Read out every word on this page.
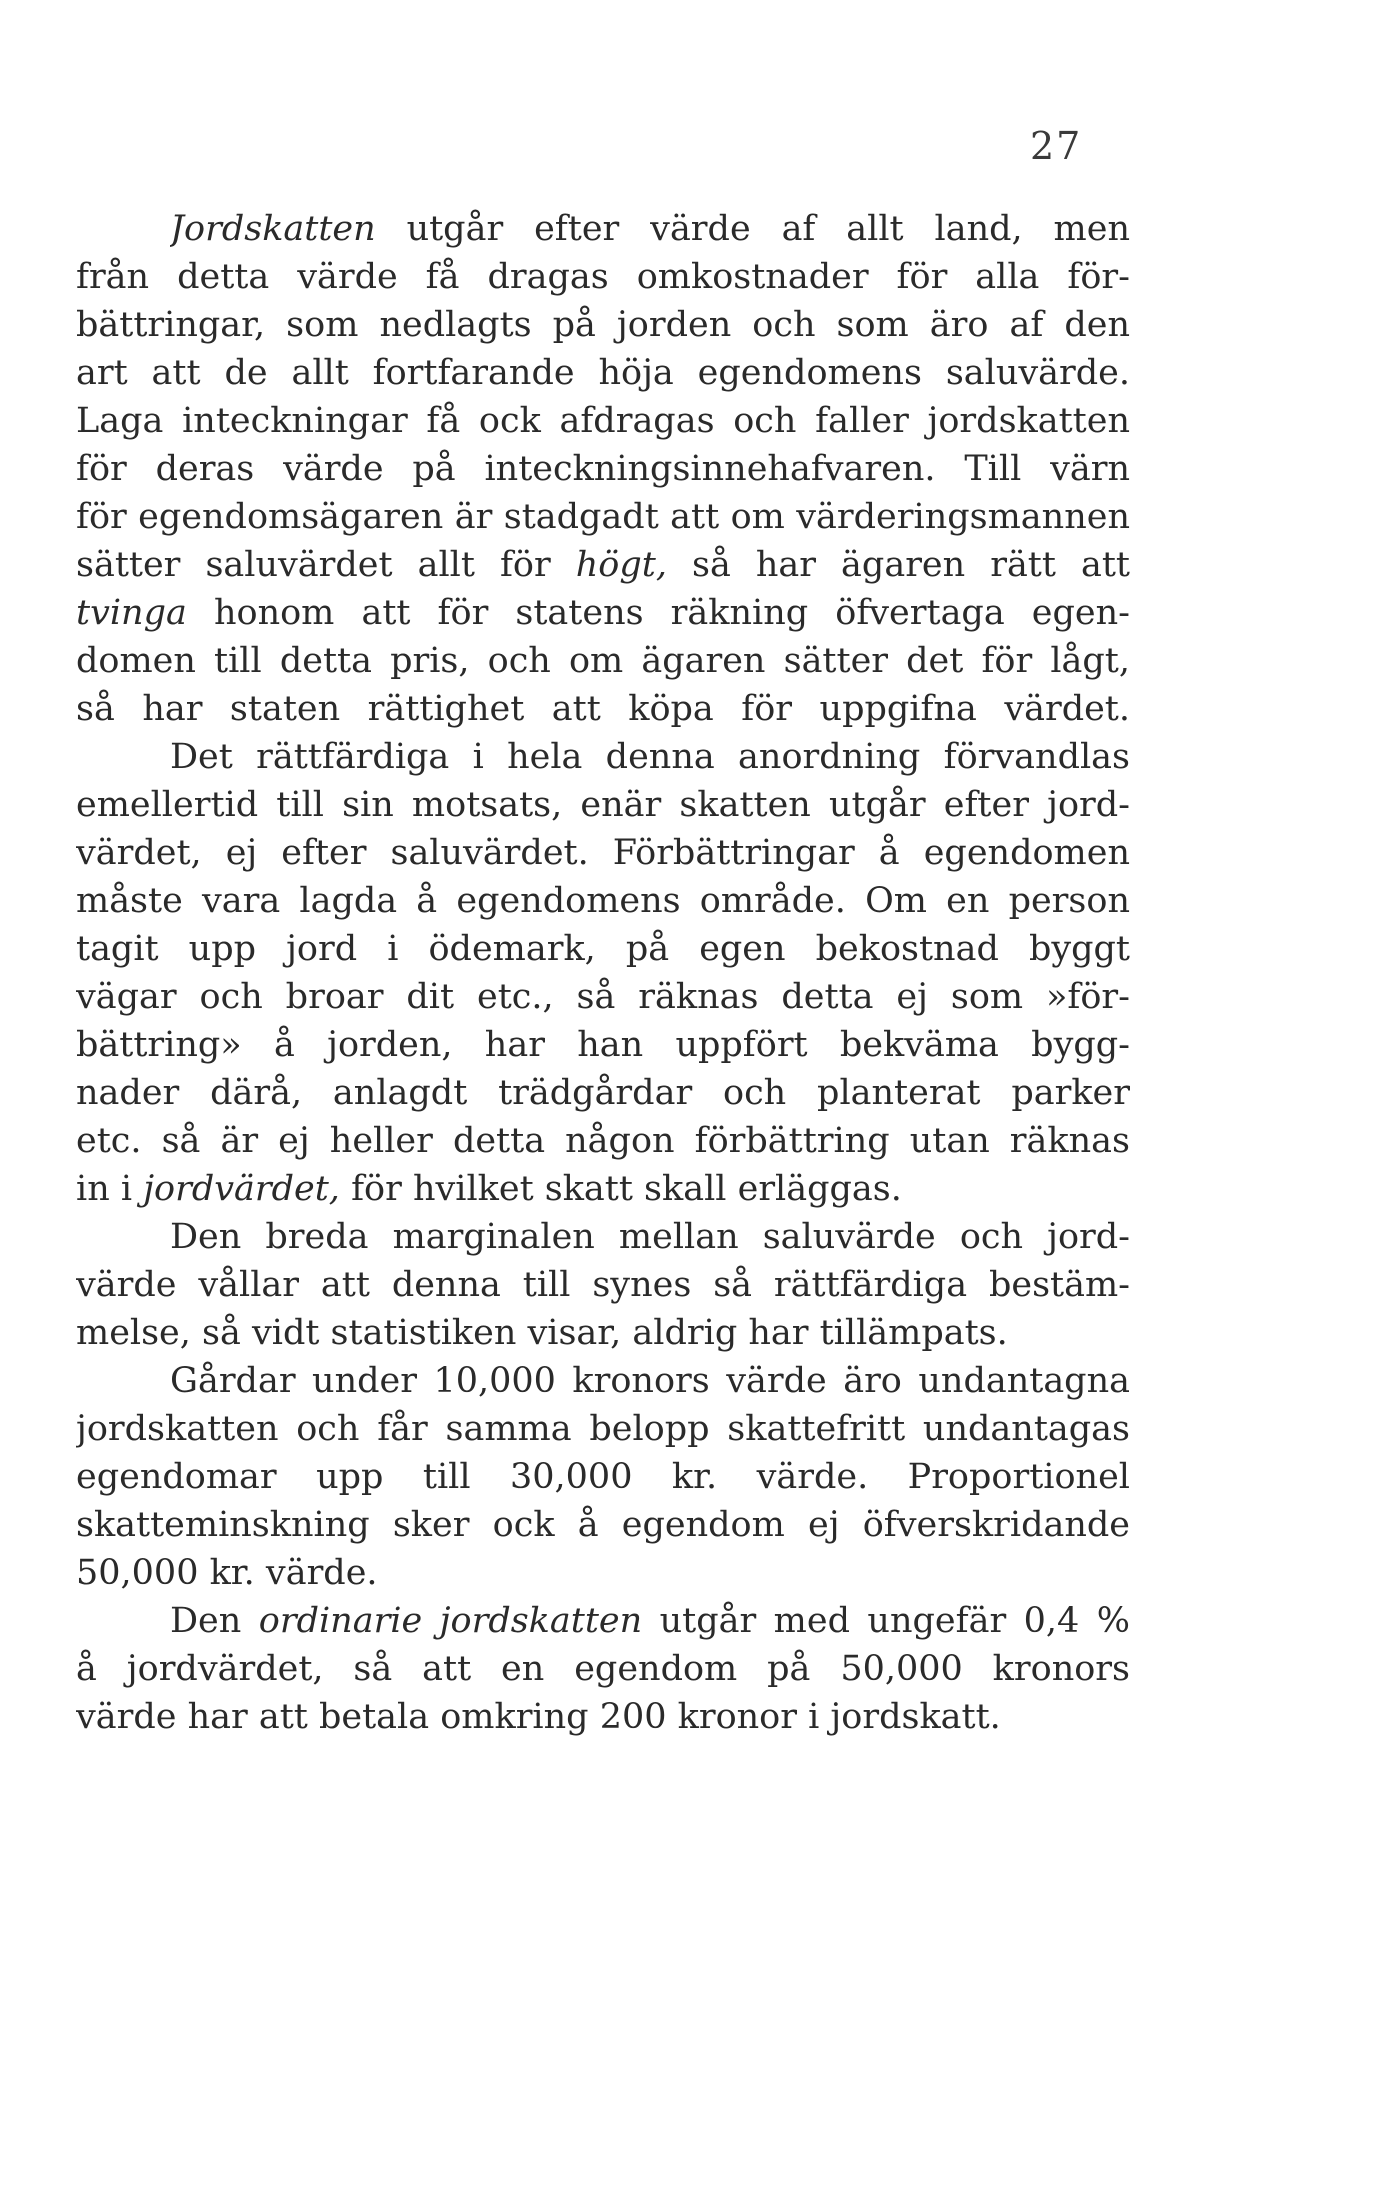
27
Jordskatten utgår efter värde af allt land, men
från detta värde få dragas omkostnader för alla för-
bättringar, som nedlagts på jorden och som äro af den
art att de allt fortfarande höja egendomens saluvärde.
Laga inteckningar få ock afdragas och faller jordskatten
för deras värde på inteckningsinnehafvaren. Till värn
för egendomsägaren är stadgadt att om värderingsmannen
sätter saluvärdet allt för högt, så har ägaren rätt att
tvinga honom att för statens räkning öfvertaga egen-
domen till detta pris, och om ägaren sätter det för lågt,
så har staten rättighet att köpa för uppgifna värdet.
Det rättfärdiga i hela denna anordning förvandlas
emellertid till sin motsats, enär skatten utgår efter jord-
värdet, ej efter saluvärdet. Förbättringar å egendomen
måste vara lagda å egendomens område. Om en person
tagit upp jord i ödemark, på egen bekostnad byggt
vägar och broar dit etc., så räknas detta ej som »för-
bättring» å jorden, har han uppfört bekväma bygg-
nader därå, anlagdt trädgårdar och planterat parker
etc. så är ej heller detta någon förbättring utan räknas
in i jordvärdet, för hvilket skatt skall erläggas.
Den breda marginalen mellan saluvärde och jord-
värde vållar att denna till synes så rättfärdiga bestäm-
melse, så vidt statistiken visar, aldrig har tillämpats.
Gårdar under 10,000 kronors värde äro undantagna
jordskatten och får samma belopp skattefritt undantagas
egendomar upp till 30,000 kr. värde. Proportionel
skatteminskning sker ock å egendom ej öfverskridande
50,000 kr. värde.
Den ordinarie jordskatten utgår med ungefär 0,4 %
å jordvärdet, så att en egendom på 50,000 kronors
värde har att betala omkring 200 kronor i jordskatt.
